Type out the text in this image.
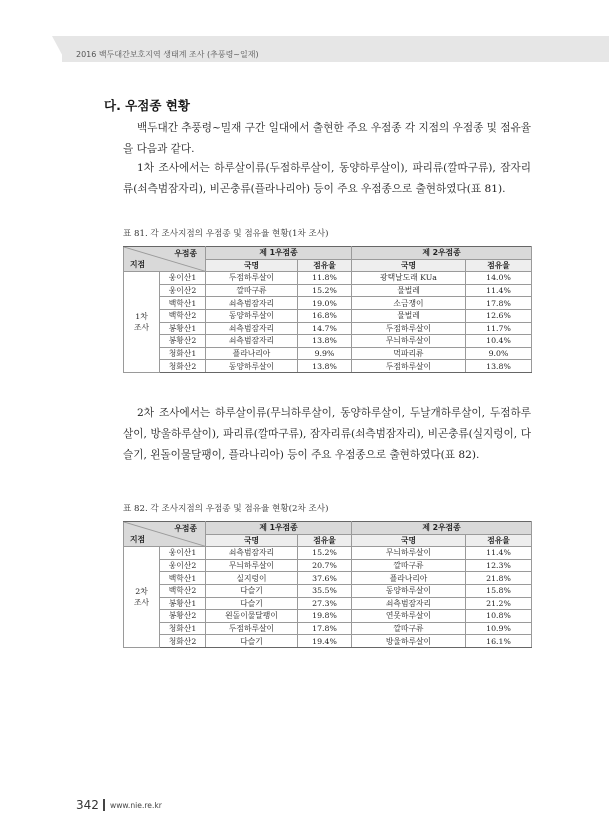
2016 백두대간보호지역 생태계 조사 (추풍령~일재)
다. 우점종 현황

백두대간 추풍령~밀재 구간 일대에서 출현한 주요 우점종 각 지점의 우점종 및 점유율을 다음과 같다.

1차 조사에서는 하루살이류(두점하루살이, 동양하루살이), 파리류(깔따구류), 잠자리류(쇠측범잠자리), 비곤충류(플라나리아) 등이 주요 우점종으로 출현하였다(표 81).

표 81. 각 조사지점의 우점종 및 점유율 현황(1차 조사)
우점종
지점		제 1우점종		제 2우점종	
		국명	점유율	국명	점유율
1차
조사	웅이산1	두점하루살이	11.8%	광택날도래 KUa	14.0%
	웅이산2	깔따구류	15.2%	물벌레	11.4%
	백학산1	쇠측범잠자리	19.0%	소금쟁이	17.8%
	백학산2	동양하루살이	16.8%	물벌레	12.6%
	봉황산1	쇠측범잠자리	14.7%	두점하루살이	11.7%
	봉황산2	쇠측범잠자리	13.8%	무늬하루살이	10.4%
	청화산1	플라나리아	9.9%	먹파리류	9.0%
	청화산2	동양하루살이	13.8%	두점하루살이	13.8%

2차 조사에서는 하루살이류(무늬하루살이, 동양하루살이, 두날개하루살이, 두점하루살이, 방울하루살이), 파리류(깔따구류), 잠자리류(쇠측범잠자리), 비곤충류(실지렁이, 다슬기, 왼돌이물달팽이, 플라나리아) 등이 주요 우점종으로 출현하였다(표 82).

표 82. 각 조사지점의 우점종 및 점유율 현황(2차 조사)
우점종
지점		제 1우점종		제 2우점종	
		국명	점유율	국명	점유율
2차
조사	웅이산1	쇠측범잠자리	15.2%	무늬하루살이	11.4%
	웅이산2	무늬하루살이	20.7%	깔따구류	12.3%
	백학산1	실지렁이	37.6%	플라나리아	21.8%
	백학산2	다슬기	35.5%	동양하루살이	15.8%
	봉황산1	다슬기	27.3%	쇠측범잠자리	21.2%
	봉황산2	왼돌이물달팽이	19.8%	연못하루살이	10.8%
	청화산1	두점하루살이	17.8%	깔따구류	10.9%
	청화산2	다슬기	19.4%	방울하루살이	16.1%
342 www.nie.re.kr
